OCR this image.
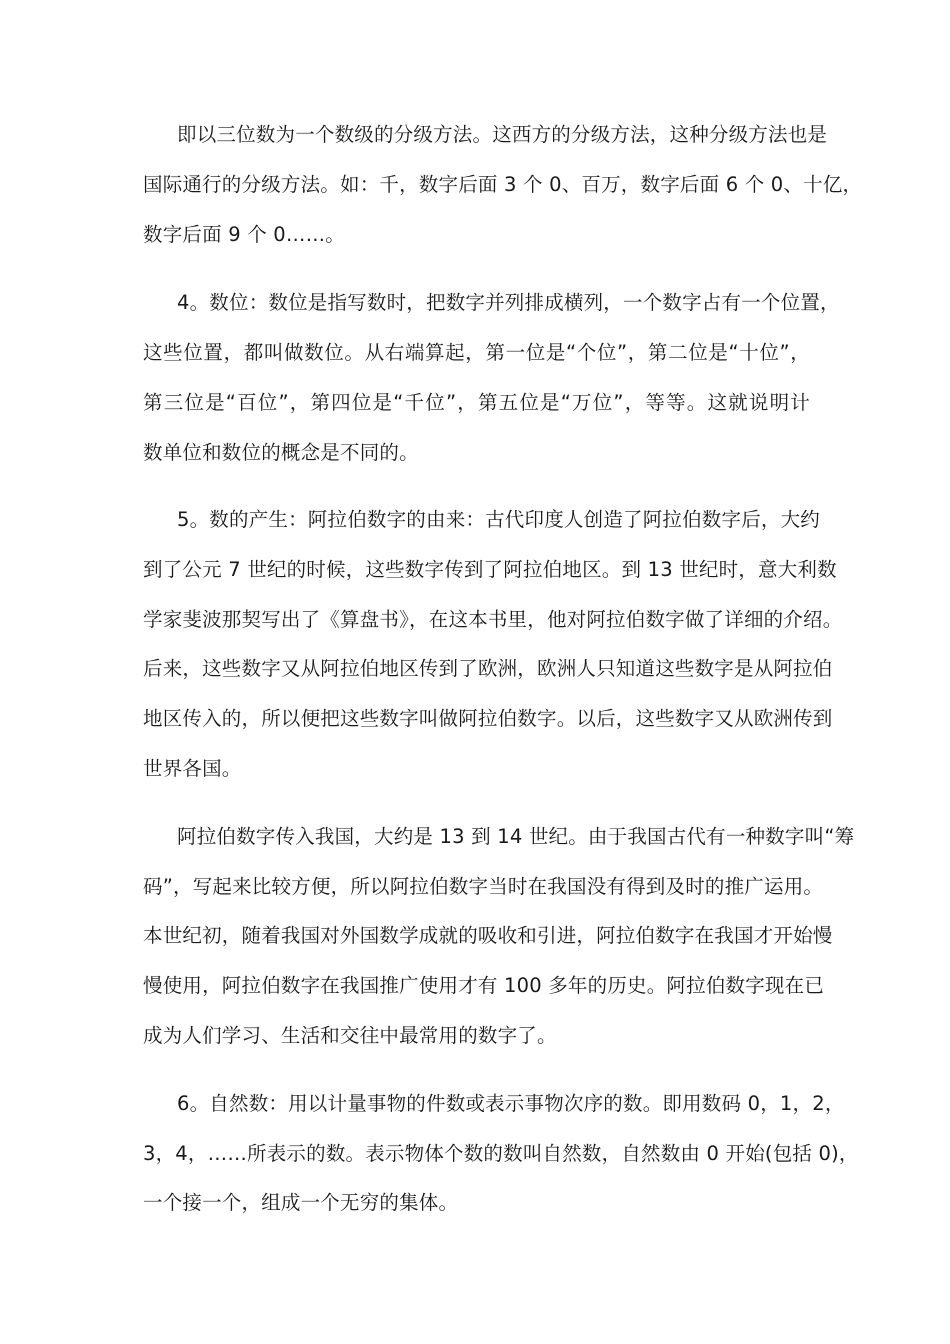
即以三位数为一个数级的分级方法。这西方的分级方法，这种分级方法也是
国际通行的分级方法。如：千，数字后面 3 个 0、百万，数字后面 6 个 0、十亿，
数字后面 9 个 0……。
4。数位：数位是指写数时，把数字并列排成横列，一个数字占有一个位置，
这些位置，都叫做数位。从右端算起，第一位是“个位”，第二位是“十位”，
第三位是“百位”，第四位是“千位”，第五位是“万位”，等等。这就说明计
数单位和数位的概念是不同的。
5。数的产生：阿拉伯数字的由来：古代印度人创造了阿拉伯数字后，大约
到了公元 7 世纪的时候，这些数字传到了阿拉伯地区。到 13 世纪时，意大利数
学家斐波那契写出了《算盘书》，在这本书里，他对阿拉伯数字做了详细的介绍。
后来，这些数字又从阿拉伯地区传到了欧洲，欧洲人只知道这些数字是从阿拉伯
地区传入的，所以便把这些数字叫做阿拉伯数字。以后，这些数字又从欧洲传到
世界各国。
阿拉伯数字传入我国，大约是 13 到 14 世纪。由于我国古代有一种数字叫“筹
码”，写起来比较方便，所以阿拉伯数字当时在我国没有得到及时的推广运用。
本世纪初，随着我国对外国数学成就的吸收和引进，阿拉伯数字在我国才开始慢
慢使用，阿拉伯数字在我国推广使用才有 100 多年的历史。阿拉伯数字现在已
成为人们学习、生活和交往中最常用的数字了。
6。自然数：用以计量事物的件数或表示事物次序的数。即用数码 0，1，2，
3，4，……所表示的数。表示物体个数的数叫自然数，自然数由 0 开始(包括 0)，
一个接一个，组成一个无穷的集体。
